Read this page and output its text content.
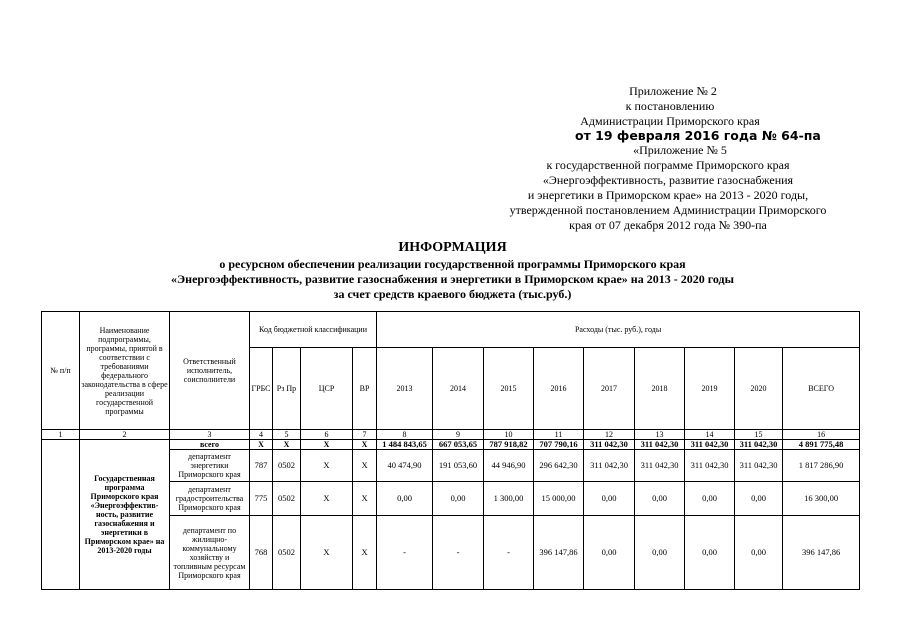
Приложение № 2
к постановлению
Администрации Приморского края
от 19 февраля 2016 года № 64-па
«Приложение № 5
к государственной пограмме Приморского края
«Энергоэффективность, развитие газоснабжения
и энергетики в Приморском крае» на 2013 - 2020 годы,
утвержденной постановлением Администрации Приморского
края от 07 декабря 2012 года № 390-па
ИНФОРМАЦИЯ
о ресурсном обеспечении реализации государственной программы Приморского края
«Энергоэффективность, развитие газоснабжения и энергетики в Приморском крае» на 2013 - 2020 годы
за счет средств краевого бюджета (тыс.руб.)
№ п/п	Наименование подпрограммы, программы, приятой в соответствии с требованиями федерального законодательства в сфере реализации государственной программы	Ответственный исполнитель, соисполнители	Код бюджетной классификации				Расходы (тыс. руб.), годы								
			ГРБС	Рз Пр	ЦСР	ВР	2013	2014	2015	2016	2017	2018	2019	2020	ВСЕГО
1	2	3	4	5	6	7	8	9	10	11	12	13	14	15	16
	Государственная программа Приморского края «Энергоэффектив-ность, развитие газоснабжения и энергетики в Приморском крае» на 2013-2020 годы	всего	Х	Х	Х	Х	1 484 843,65	667 053,65	787 918,82	707 790,16	311 042,30	311 042,30	311 042,30	311 042,30	4 891 775,48
		департамент энергетики Приморского края	787	0502	Х	Х	40 474,90	191 053,60	44 946,90	296 642,30	311 042,30	311 042,30	311 042,30	311 042,30	1 817 286,90
		департамент градостроительства Приморского края	775	0502	Х	Х	0,00	0,00	1 300,00	15 000,00	0,00	0,00	0,00	0,00	16 300,00
		департамент по жилищно-коммунальному хозяйству и топливным ресурсам Приморского края	768	0502	Х	Х	-	-	-	396 147,86	0,00	0,00	0,00	0,00	396 147,86
